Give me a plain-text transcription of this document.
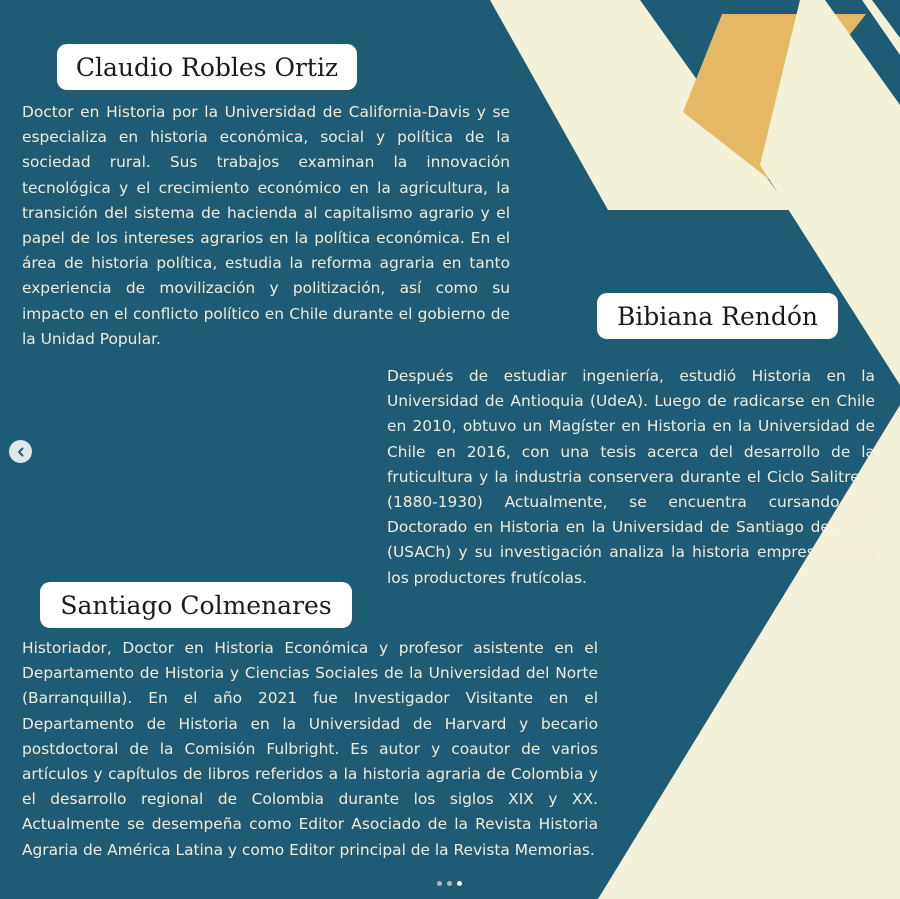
Claudio Robles Ortiz

Doctor en Historia por la Universidad de California-Davis y se especializa en historia económica, social y política de la sociedad rural. Sus trabajos examinan la innovación tecnológica y el crecimiento económico en la agricultura, la transición del sistema de hacienda al capitalismo agrario y el papel de los intereses agrarios en la política económica. En el área de historia política, estudia la reforma agraria en tanto experiencia de movilización y politización, así como su impacto en el conflicto político en Chile durante el gobierno de la Unidad Popular.

Bibiana Rendón

Después de estudiar ingeniería, estudió Historia en la Universidad de Antioquia (UdeA). Luego de radicarse en Chile en 2010, obtuvo un Magíster en Historia en la Universidad de Chile en 2016, con una tesis acerca del desarrollo de la fruticultura y la industria conservera durante el Ciclo Salitrero (1880-1930) Actualmente, se encuentra cursando el Doctorado en Historia en la Universidad de Santiago de Chile (USACh) y su investigación analiza la historia empresarial de los productores frutícolas.

Santiago Colmenares

Historiador, Doctor en Historia Económica y profesor asistente en el Departamento de Historia y Ciencias Sociales de la Universidad del Norte (Barranquilla). En el año 2021 fue Investigador Visitante en el Departamento de Historia en la Universidad de Harvard y becario postdoctoral de la Comisión Fulbright. Es autor y coautor de varios artículos y capítulos de libros referidos a la historia agraria de Colombia y el desarrollo regional de Colombia durante los siglos XIX y XX. Actualmente se desempeña como Editor Asociado de la Revista Historia Agraria de América Latina y como Editor principal de la Revista Memorias.
